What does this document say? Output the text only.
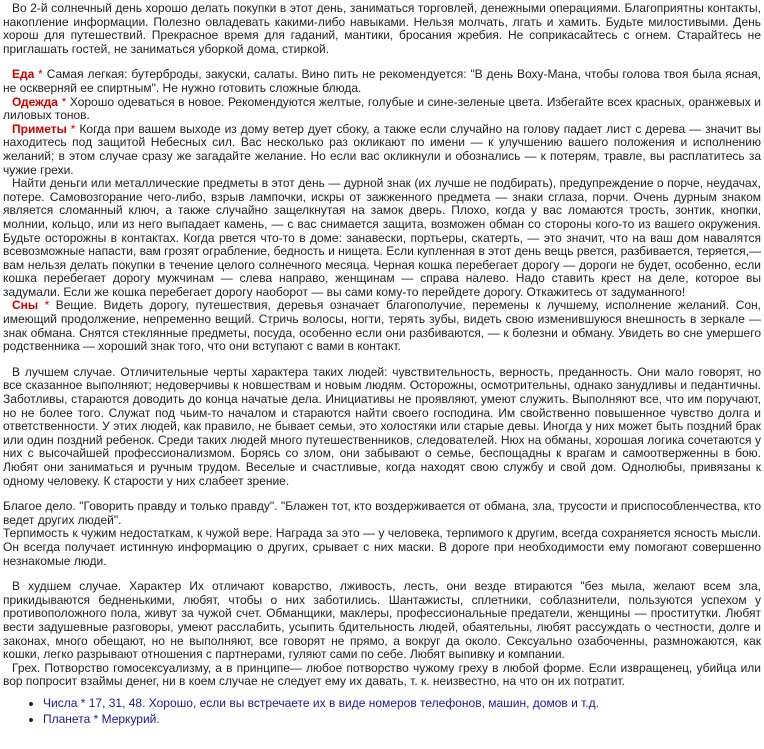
Во 2-й солнечный день хорошо делать покупки в этот день, заниматься торговлей, денежными операциями. Благоприятны контакты, накопление информации. Полезно овладевать какими-либо навыками. Нельзя молчать, лгать и хамить. Будьте милостивыми. День хорош для путешествий. Прекрасное время для гаданий, мантики, бросания жребия. Не соприкасайтесь с огнем. Старайтесь не приглашать гостей, не заниматься уборкой дома, стиркой.

Еда * Самая легкая: бутерброды, закуски, салаты. Вино пить не рекомендуется: "В день Воху-Мана, чтобы голова твоя была ясная, не оскверняй ее спиртным". Не нужно готовить сложные блюда.

Одежда * Хорошо одеваться в новое. Рекомендуются желтые, голубые и сине-зеленые цвета. Избегайте всех красных, оранжевых и лиловых тонов.

Приметы * Когда при вашем выходе из дому ветер дует сбоку, а также если случайно на голову падает лист с дерева — значит вы находитесь под защитой Небесных сил. Вас несколько раз окликают по имени — к улучшению вашего положения и исполнению желаний; в этом случае сразу же загадайте желание. Но если вас окликнули и обознались — к потерям, травле, вы расплатитесь за чужие грехи.

Найти деньги или металлические предметы в этот день — дурной знак (их лучше не подбирать), предупреждение о порче, неудачах, потере. Самовозгорание чего-либо, взрыв лампочки, искры от зажженного предмета — знаки сглаза, порчи. Очень дурным знаком является сломанный ключ, а также случайно защелкнутая на замок дверь. Плохо, когда у вас ломаются трость, зонтик, кнопки, молнии, кольцо, или из него выпадает камень, — с вас снимается защита, возможен обман со стороны кого-то из вашего окружения. Будьте осторожны в контактах. Когда рвется что-то в доме: занавески, портьеры, скатерть, — это значит, что на ваш дом навалятся всевозможные напасти, вам грозят ограбление, бедность и нищета. Если купленная в этот день вещь рвется, разбивается, теряется,— вам нельзя делать покупки в течение целого солнечного месяца. Черная кошка перебегает дорогу — дороги не будет, особенно, если кошка перебегает дорогу мужчинам — слева направо, женщинам — справа налево. Надо ставить крест на деле, которое вы задумали. Если же кошка перебегает дорогу наоборот — вы сами кому-то перейдете дорогу. Откажитесь от задуманного!

Сны * Вещие. Видеть дорогу, путешествия, деревья означает благополучие, перемены к лучшему, исполнение желаний. Сон, имеющий продолжение, непременно вещий. Стричь волосы, ногти, терять зубы, видеть свою изменившуюся внешность в зеркале — знак обмана. Снятся стеклянные предметы, посуда, особенно если они разбиваются, — к болезни и обману. Увидеть во сне умершего родственника — хороший знак того, что они вступают с вами в контакт.

В лучшем случае. Отличительные черты характера таких людей: чувствительность, верность, преданность. Они мало говорят, но все сказанное выполняют; недоверчивы к новшествам и новым людям. Осторожны, осмотрительны, однако занудливы и педантичны. Заботливы, стараются доводить до конца начатые дела. Инициативы не проявляют, умеют служить. Выполняют все, что им поручают, но не более того. Служат под чьим-то началом и стараются найти своего господина. Им свойственно повышенное чувство долга и ответственности. У этих людей, как правило, не бывает семьи, это холостяки или старые девы. Иногда у них может быть поздний брак или один поздний ребенок. Среди таких людей много путешественников, следователей. Нюх на обманы, хорошая логика сочетаются у них с высочайшей профессионализмом. Борясь со злом, они забывают о семье, беспощадны к врагам и самоотверженны в бою. Любят они заниматься и ручным трудом. Веселые и счастливые, когда находят свою службу и свой дом. Однолюбы, привязаны к одному человеку. К старости у них слабеет зрение.

Благое дело. "Говорить правду и только правду". "Блажен тот, кто воздерживается от обмана, зла, трусости и приспособленчества, кто ведет других людей".

Терпимость к чужим недостаткам, к чужой вере. Награда за это — у человека, терпимого к другим, всегда сохраняется ясность мысли. Он всегда получает истинную информацию о других, срывает с них маски. В дороге при необходимости ему помогают совершенно незнакомые люди.

В худшем случае. Характер Их отличают коварство, лживость, лесть, они везде втираются "без мыла, желают всем зла, прикидываются бедненькими, любят, чтобы о них заботились. Шантажисты, сплетники, соблазнители, пользуются успехом у противоположного пола, живут за чужой счет. Обманщики, маклеры, профессиональные предатели, женщины — проститутки. Любят вести задушевные разговоры, умеют расслабить, усыпить бдительность людей, обаятельны, любят рассуждать о честности, долге и законах, много обещают, но не выполняют, все говорят не прямо, а вокруг да около. Сексуально озабоченны, размножаются, как кошки, легко разрывают отношения с партнерами, гуляют сами по себе. Любят выпивку и компании.

Грех. Потворство гомосексуализму, а в принципе— любое потворство чужому греху в любой форме. Если извращенец, убийца или вор попросит взаймы денег, ни в коем случае не следует ему их давать, т. к. неизвестно, на что он их потратит.

• Числа * 17, 31, 48. Хорошо, если вы встречаете их в виде номеров телефонов, машин, домов и т.д.
• Планета * Меркурий.
